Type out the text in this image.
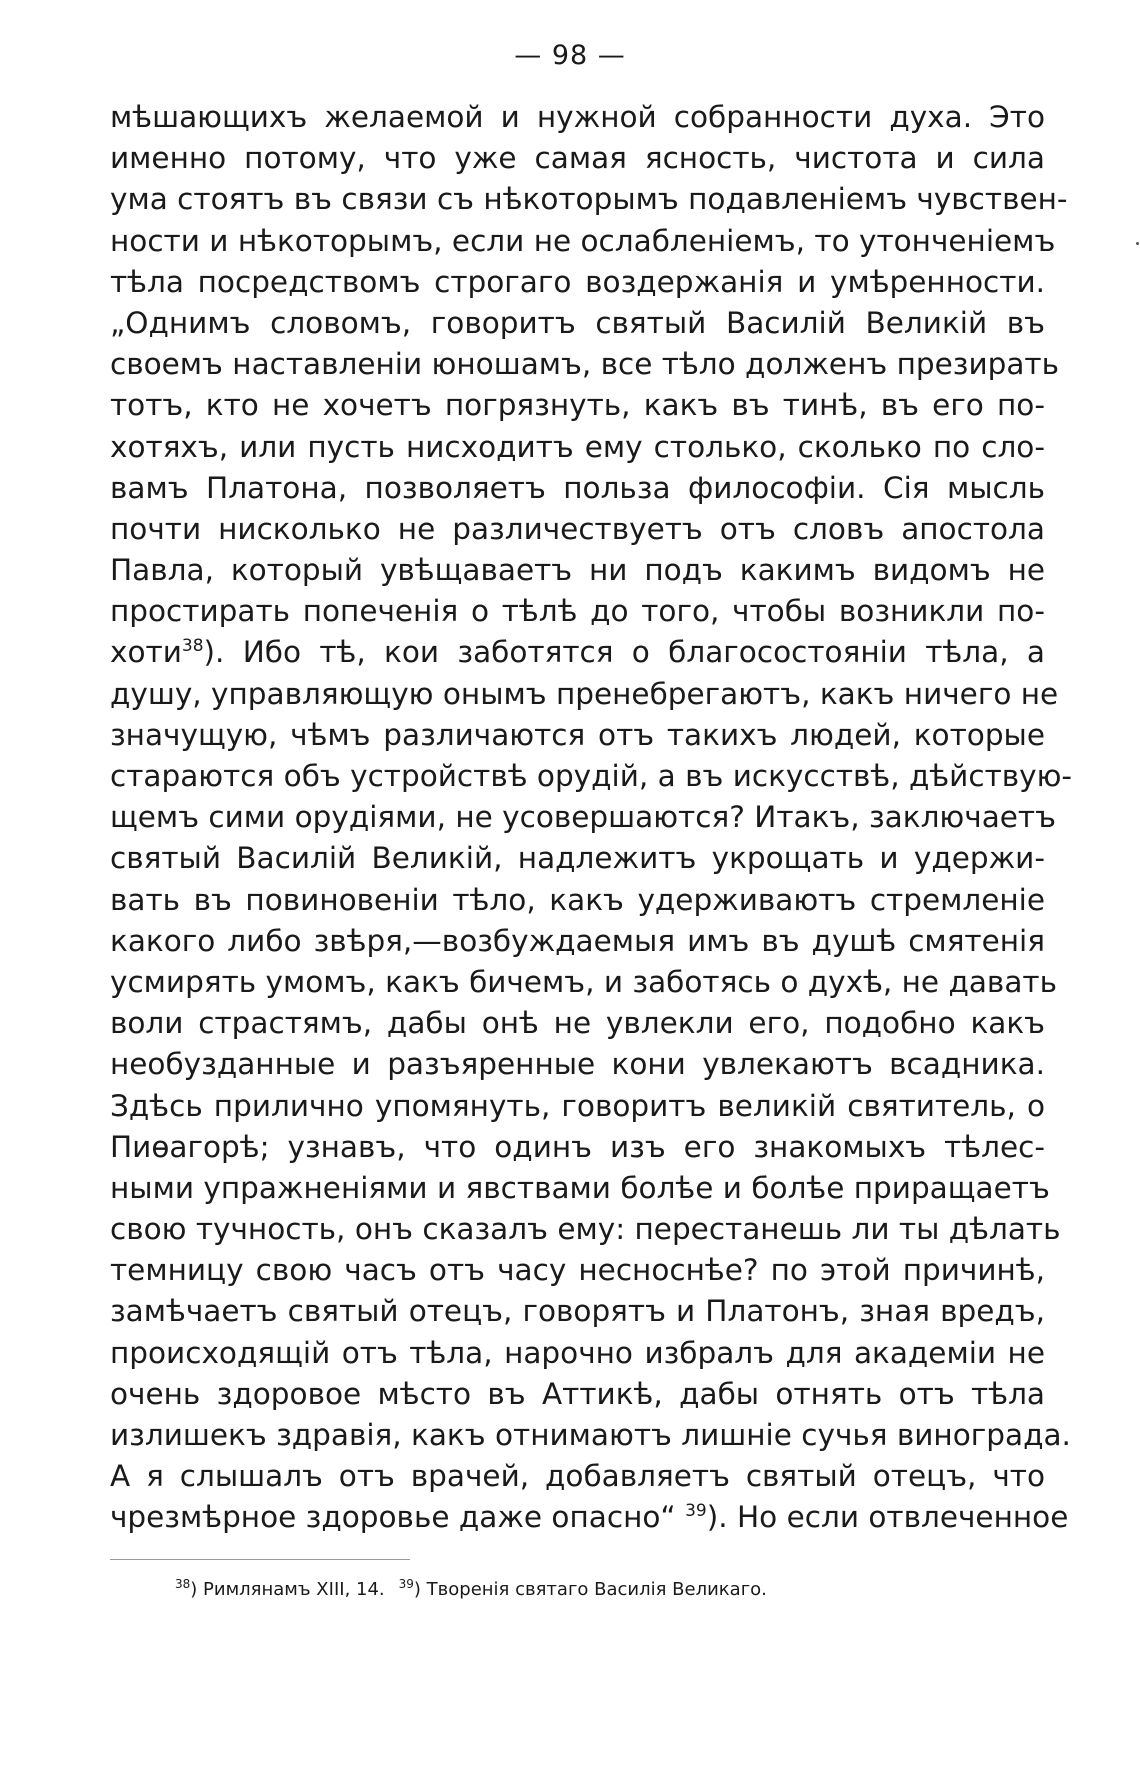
— 98 —
мѣшающихъ желаемой и нужной собранности духа. Это
именно потому, что уже самая ясность, чистота и сила
ума стоятъ въ связи съ нѣкоторымъ подавленіемъ чувствен-
ности и нѣкоторымъ, если не ослабленіемъ, то утонченіемъ
тѣла посредствомъ строгаго воздержанія и умѣренности.
„Однимъ словомъ, говоритъ святый Василій Великій въ
своемъ наставленіи юношамъ, все тѣло долженъ презирать
тотъ, кто не хочетъ погрязнуть, какъ въ тинѣ, въ его по-
хотяхъ, или пусть нисходитъ ему столько, сколько по сло-
вамъ Платона, позволяетъ польза философіи. Сія мысль
почти нисколько не различествуетъ отъ словъ апостола
Павла, который увѣщаваетъ ни подъ какимъ видомъ не
простирать попеченія о тѣлѣ до того, чтобы возникли по-
хоти$^{38}$). Ибо тѣ, кои заботятся о благосостояніи тѣла, а
душу, управляющую онымъ пренебрегаютъ, какъ ничего не
значущую, чѣмъ различаются отъ такихъ людей, которые
стараются объ устройствѣ орудій, а въ искусствѣ, дѣйствую-
щемъ сими орудіями, не усовершаются? Итакъ, заключаетъ
святый Василій Великій, надлежитъ укрощать и удержи-
вать въ повиновеніи тѣло, какъ удерживаютъ стремленіе
какого либо звѣря,—возбуждаемыя имъ въ душѣ смятенія
усмирять умомъ, какъ бичемъ, и заботясь о духѣ, не давать
воли страстямъ, дабы онѣ не увлекли его, подобно какъ
необузданные и разъяренные кони увлекаютъ всадника.
Здѣсь прилично упомянуть, говоритъ великій святитель, о
Пиѳагорѣ; узнавъ, что одинъ изъ его знакомыхъ тѣлес-
ными упражненіями и явствами болѣе и болѣе приращаетъ
свою тучность, онъ сказалъ ему: перестанешь ли ты дѣлать
темницу свою часъ отъ часу несноснѣе? по этой причинѣ,
замѣчаетъ святый отецъ, говорятъ и Платонъ, зная вредъ,
происходящій отъ тѣла, нарочно избралъ для академіи не
очень здоровое мѣсто въ Аттикѣ, дабы отнять отъ тѣла
излишекъ здравія, какъ отнимаютъ лишніе сучья винограда.
А я слышалъ отъ врачей, добавляетъ святый отецъ, что
чрезмѣрное здоровье даже опасно“ $^{39}$). Но если отвлеченное
$^{38}$) Римлянамъ XIII, 14. $^{39}$) Творенія святаго Василія Великаго.
